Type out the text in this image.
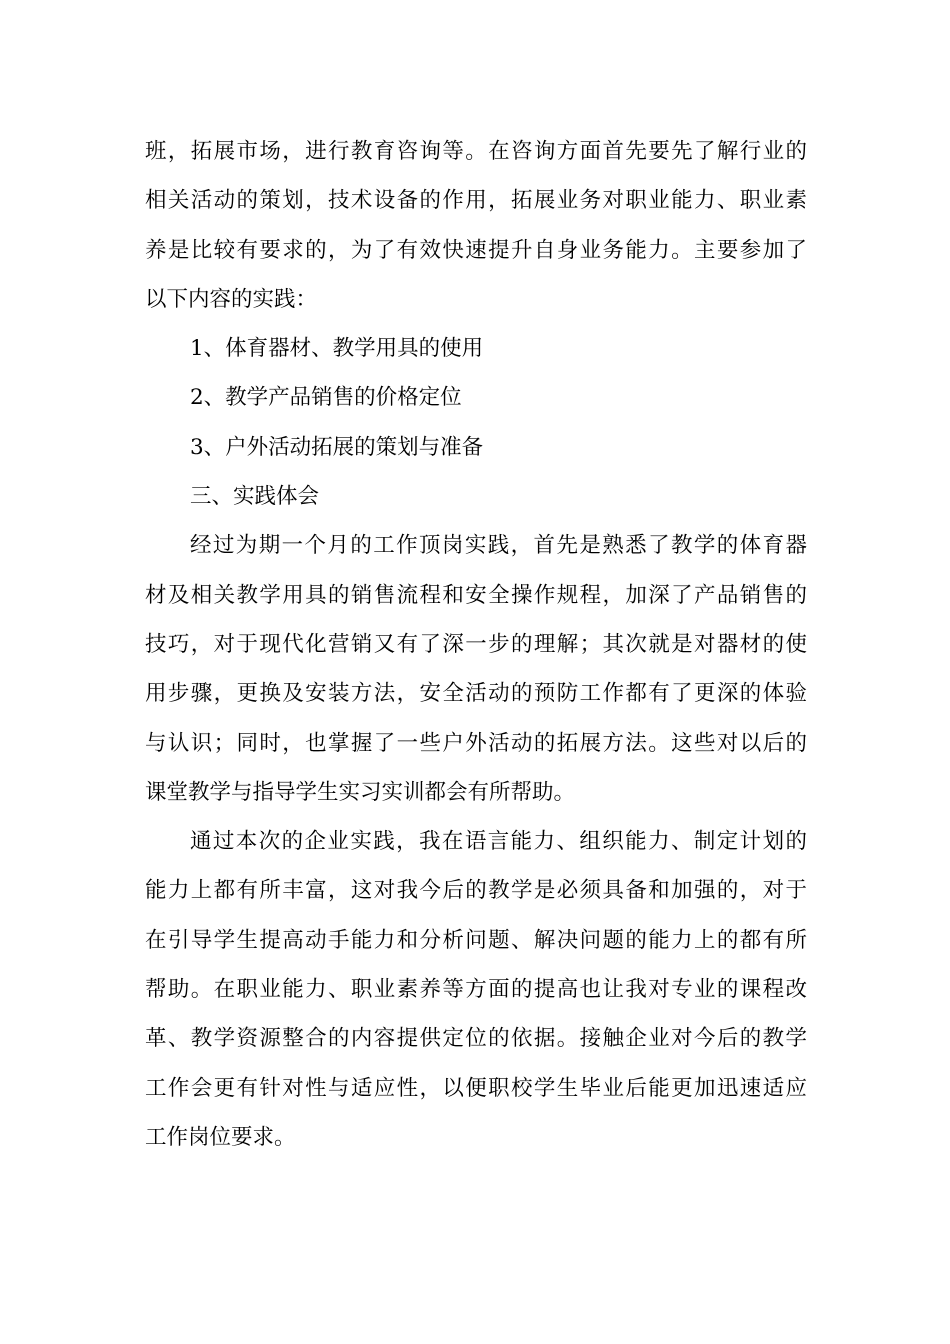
班，拓展市场，进行教育咨询等。在咨询方面首先要先了解行业的
相关活动的策划，技术设备的作用，拓展业务对职业能力、职业素
养是比较有要求的，为了有效快速提升自身业务能力。主要参加了
以下内容的实践：
1、体育器材、教学用具的使用
2、教学产品销售的价格定位
3、户外活动拓展的策划与准备
三、实践体会
经过为期一个月的工作顶岗实践，首先是熟悉了教学的体育器
材及相关教学用具的销售流程和安全操作规程，加深了产品销售的
技巧，对于现代化营销又有了深一步的理解；其次就是对器材的使
用步骤，更换及安装方法，安全活动的预防工作都有了更深的体验
与认识；同时，也掌握了一些户外活动的拓展方法。这些对以后的
课堂教学与指导学生实习实训都会有所帮助。
通过本次的企业实践，我在语言能力、组织能力、制定计划的
能力上都有所丰富，这对我今后的教学是必须具备和加强的，对于
在引导学生提高动手能力和分析问题、解决问题的能力上的都有所
帮助。在职业能力、职业素养等方面的提高也让我对专业的课程改
革、教学资源整合的内容提供定位的依据。接触企业对今后的教学
工作会更有针对性与适应性，以便职校学生毕业后能更加迅速适应
工作岗位要求。
